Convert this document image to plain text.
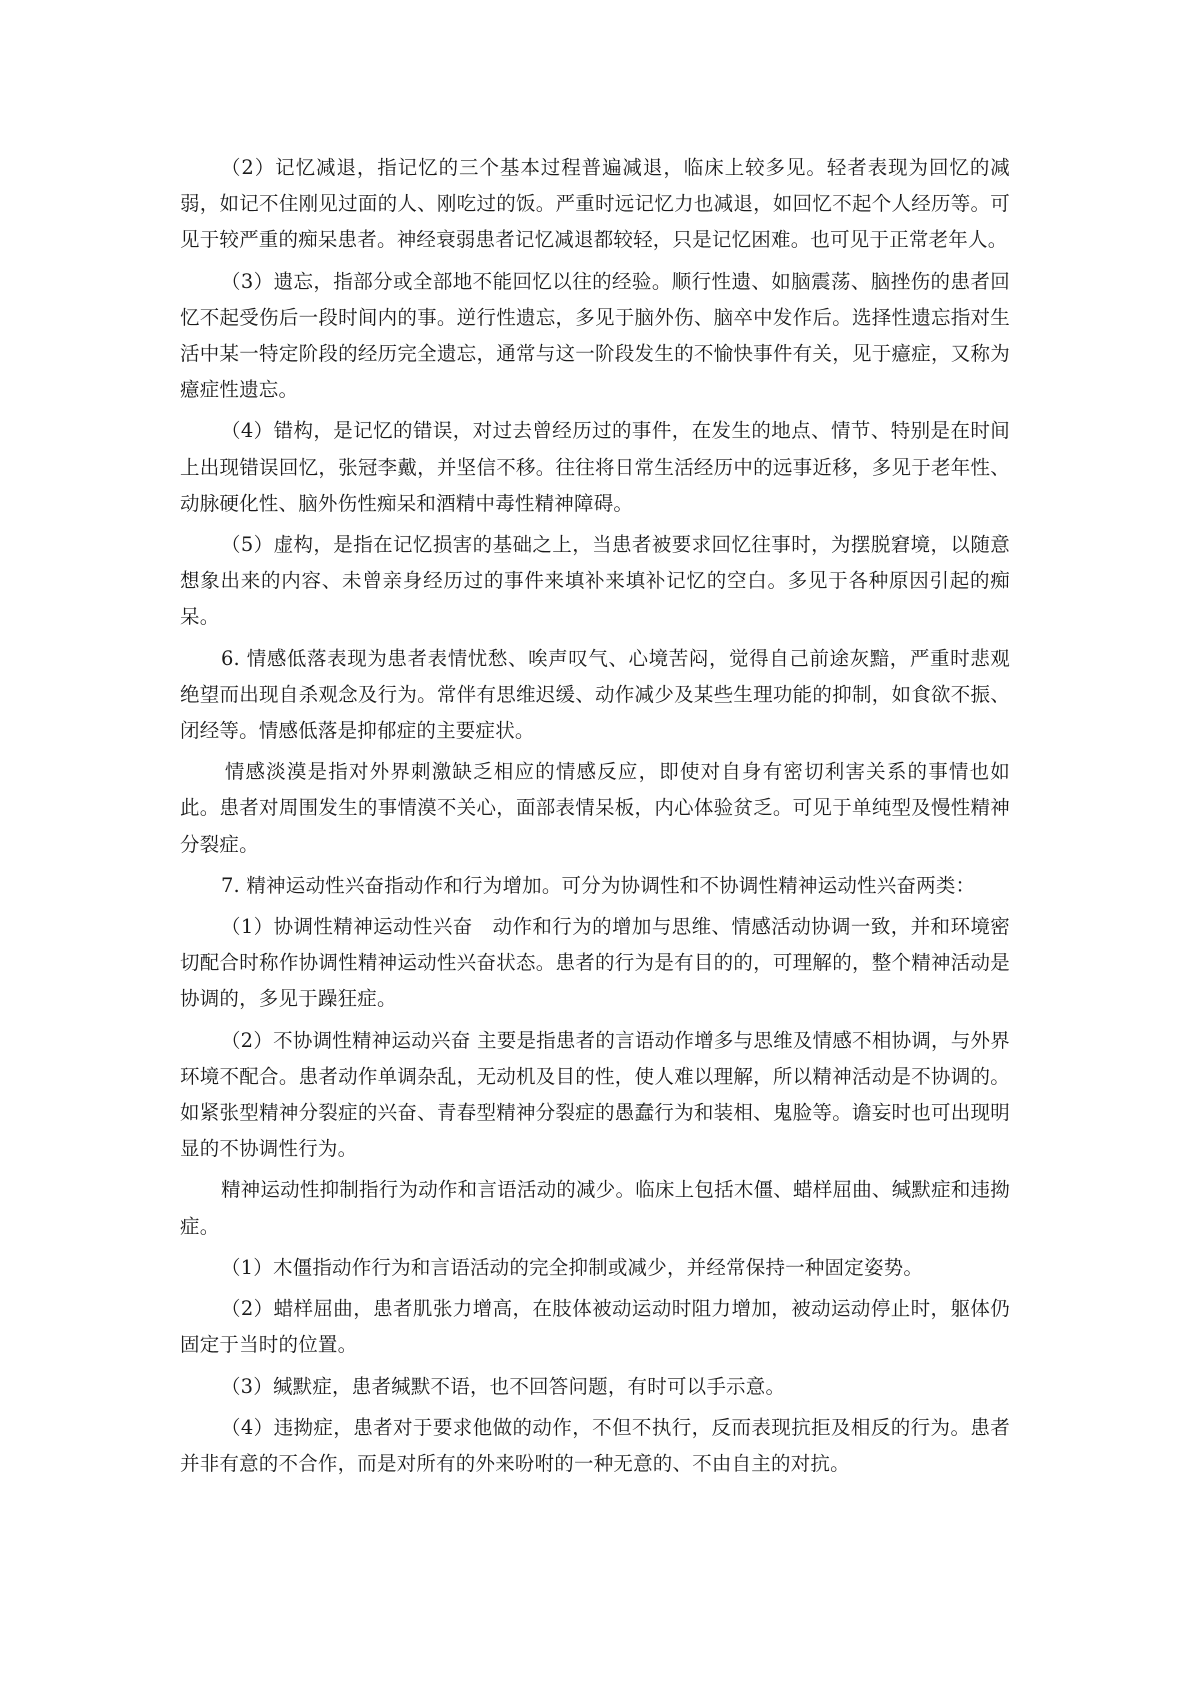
（2）记忆减退，指记忆的三个基本过程普遍减退，临床上较多见。轻者表现为回忆的减弱，如记不住刚见过面的人、刚吃过的饭。严重时远记忆力也减退，如回忆不起个人经历等。可见于较严重的痴呆患者。神经衰弱患者记忆减退都较轻，只是记忆困难。也可见于正常老年人。

（3）遗忘，指部分或全部地不能回忆以往的经验。顺行性遗、如脑震荡、脑挫伤的患者回忆不起受伤后一段时间内的事。逆行性遗忘，多见于脑外伤、脑卒中发作后。选择性遗忘指对生活中某一特定阶段的经历完全遗忘，通常与这一阶段发生的不愉快事件有关，见于癔症，又称为癔症性遗忘。

（4）错构，是记忆的错误，对过去曾经历过的事件，在发生的地点、情节、特别是在时间上出现错误回忆，张冠李戴，并坚信不移。往往将日常生活经历中的远事近移，多见于老年性、动脉硬化性、脑外伤性痴呆和酒精中毒性精神障碍。

（5）虚构，是指在记忆损害的基础之上，当患者被要求回忆往事时，为摆脱窘境，以随意想象出来的内容、未曾亲身经历过的事件来填补来填补记忆的空白。多见于各种原因引起的痴呆。

6. 情感低落表现为患者表情忧愁、唉声叹气、心境苦闷，觉得自己前途灰黯，严重时悲观绝望而出现自杀观念及行为。常伴有思维迟缓、动作减少及某些生理功能的抑制，如食欲不振、闭经等。情感低落是抑郁症的主要症状。

情感淡漠是指对外界刺激缺乏相应的情感反应，即使对自身有密切利害关系的事情也如此。患者对周围发生的事情漠不关心，面部表情呆板，内心体验贫乏。可见于单纯型及慢性精神分裂症。

7. 精神运动性兴奋指动作和行为增加。可分为协调性和不协调性精神运动性兴奋两类：

（1）协调性精神运动性兴奋　动作和行为的增加与思维、情感活动协调一致，并和环境密切配合时称作协调性精神运动性兴奋状态。患者的行为是有目的的，可理解的，整个精神活动是协调的，多见于躁狂症。

（2）不协调性精神运动兴奋 主要是指患者的言语动作增多与思维及情感不相协调，与外界环境不配合。患者动作单调杂乱，无动机及目的性，使人难以理解，所以精神活动是不协调的。如紧张型精神分裂症的兴奋、青春型精神分裂症的愚蠢行为和装相、鬼脸等。谵妄时也可出现明显的不协调性行为。

精神运动性抑制指行为动作和言语活动的减少。临床上包括木僵、蜡样屈曲、缄默症和违拗症。

（1）木僵指动作行为和言语活动的完全抑制或减少，并经常保持一种固定姿势。

（2）蜡样屈曲，患者肌张力增高，在肢体被动运动时阻力增加，被动运动停止时，躯体仍固定于当时的位置。

（3）缄默症，患者缄默不语，也不回答问题，有时可以手示意。

（4）违拗症，患者对于要求他做的动作，不但不执行，反而表现抗拒及相反的行为。患者并非有意的不合作，而是对所有的外来吩咐的一种无意的、不由自主的对抗。
